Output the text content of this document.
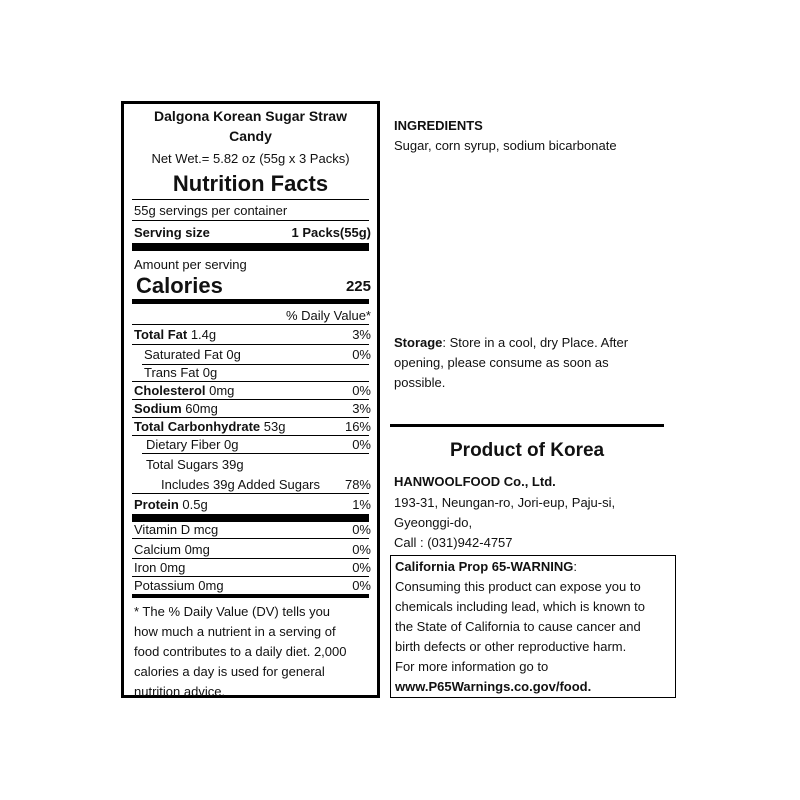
Dalgona Korean Sugar Straw
Candy
Net Wet.= 5.82 oz (55g x 3 Packs)
Nutrition Facts
55g servings per container
Serving size	1 Packs(55g)
Amount per serving
Calories	225
% Daily Value*
Total Fat 1.4g	3%
Saturated Fat 0g	0%
Trans Fat 0g
Cholesterol 0mg	0%
Sodium 60mg	3%
Total Carbonhydrate 53g	16%
Dietary Fiber 0g	0%
Total Sugars 39g
Includes 39g Added Sugars 78%
Protein 0.5g	1%
Vitamin D mcg	0%
Calcium 0mg	0%
Iron 0mg	0%
Potassium 0mg	0%
* The % Daily Value (DV) tells you
how much a nutrient in a serving of
food contributes to a daily diet. 2,000
calories a day is used for general
nutrition advice.
INGREDIENTS
Sugar, corn syrup, sodium bicarbonate
Storage: Store in a cool, dry Place. After
opening, please consume as soon as
possible.
Product of Korea
HANWOOLFOOD Co., Ltd.
193-31, Neungan-ro, Jori-eup, Paju-si,
Gyeonggi-do,
Call : (031)942-4757
California Prop 65-WARNING:
Consuming this product can expose you to
chemicals including lead, which is known to
the State of California to cause cancer and
birth defects or other reproductive harm.
For more information go to
www.P65Warnings.co.gov/food.
